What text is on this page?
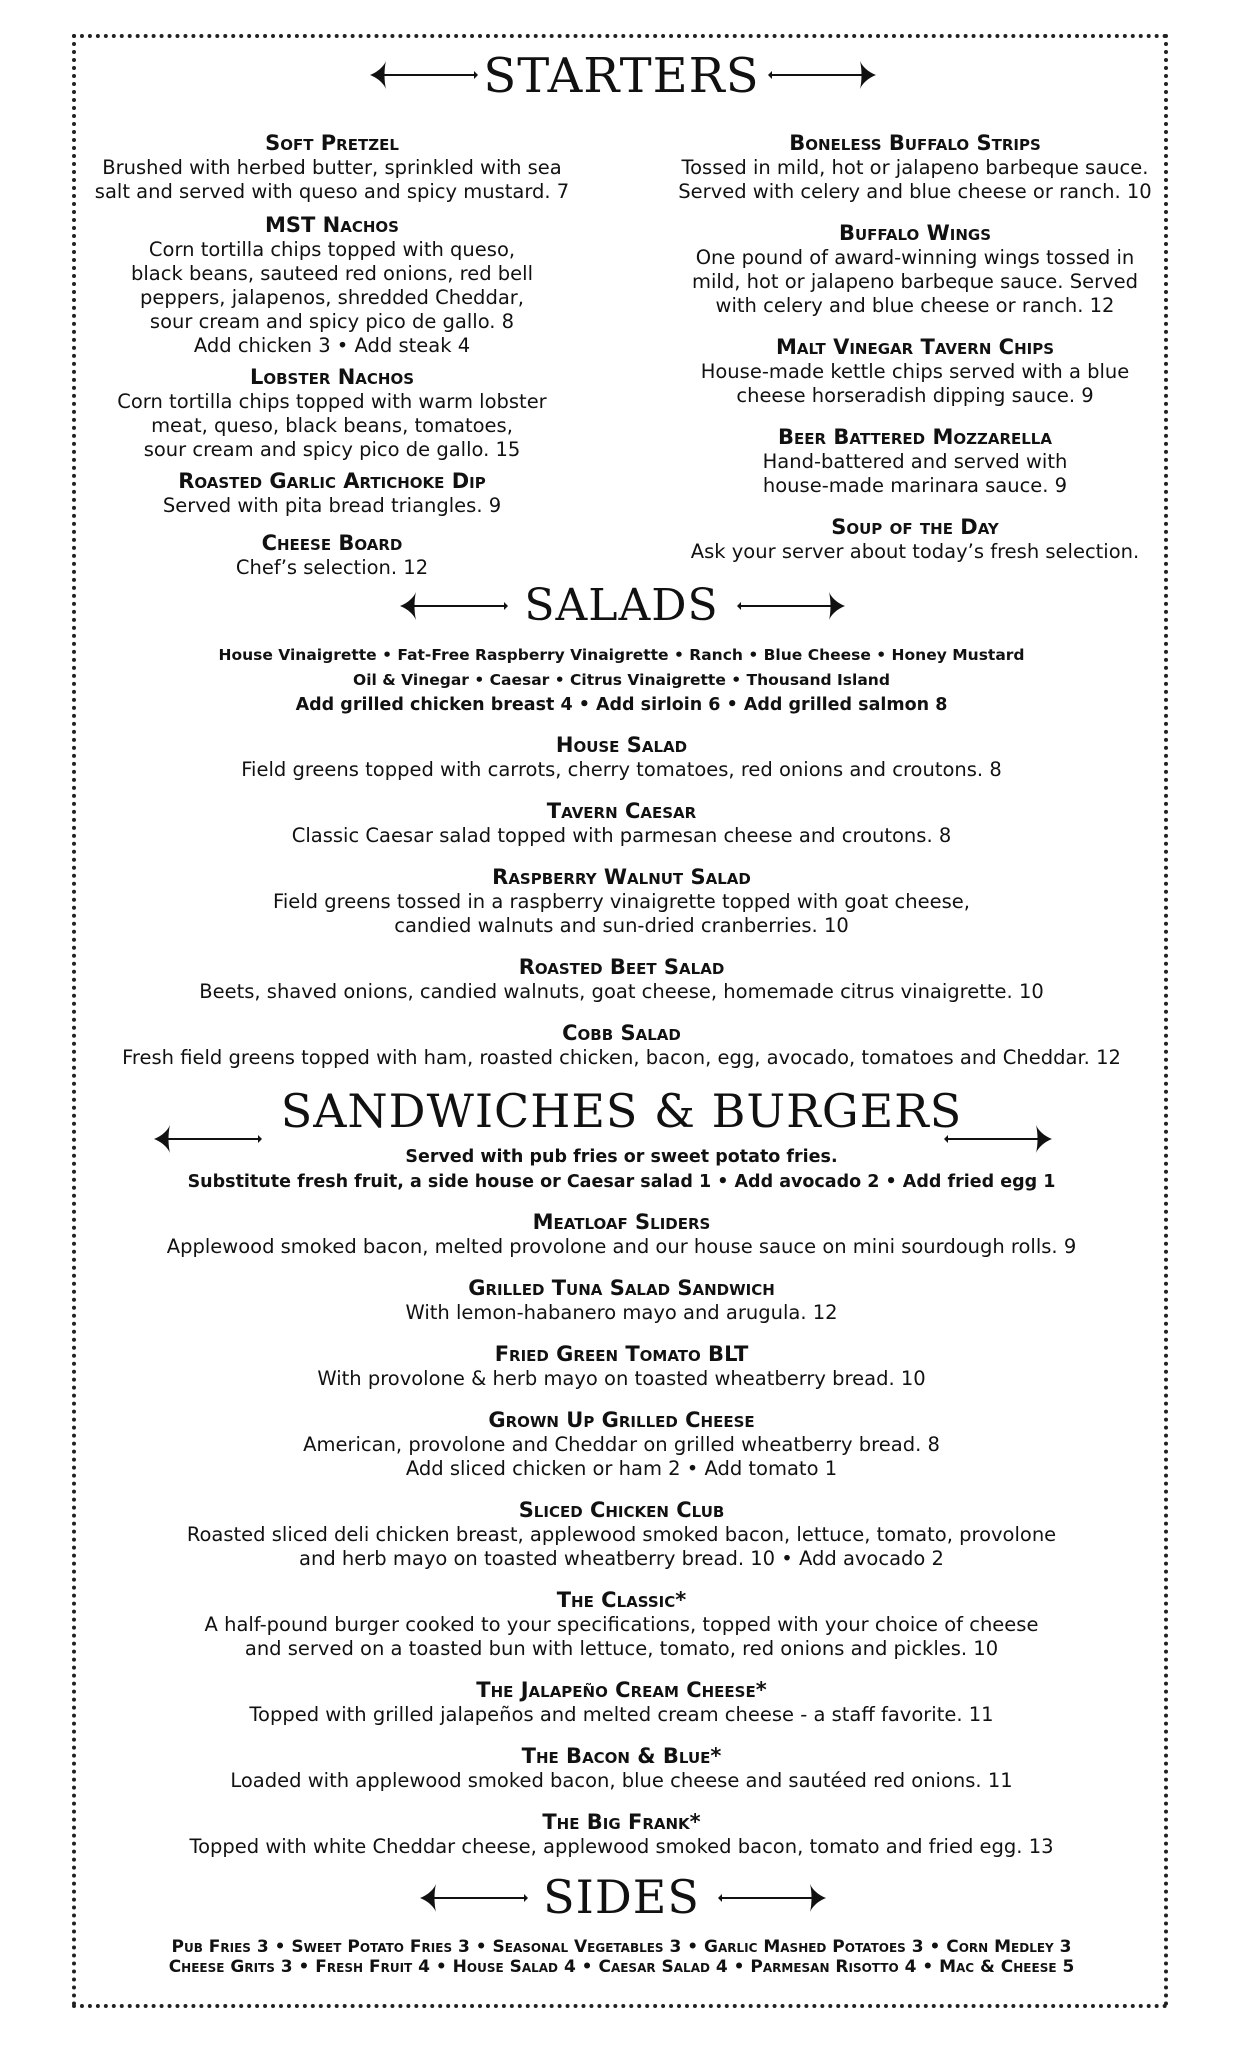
STARTERS
Soft Pretzel
Brushed with herbed butter, sprinkled with sea
salt and served with queso and spicy mustard. 7
MST Nachos
Corn tortilla chips topped with queso,
black beans, sauteed red onions, red bell
peppers, jalapenos, shredded Cheddar,
sour cream and spicy pico de gallo. 8
Add chicken 3 • Add steak 4
Lobster Nachos
Corn tortilla chips topped with warm lobster
meat, queso, black beans, tomatoes,
sour cream and spicy pico de gallo. 15
Roasted Garlic Artichoke Dip
Served with pita bread triangles. 9
Cheese Board
Chef’s selection. 12
Boneless Buffalo Strips
Tossed in mild, hot or jalapeno barbeque sauce.
Served with celery and blue cheese or ranch. 10
Buffalo Wings
One pound of award-winning wings tossed in
mild, hot or jalapeno barbeque sauce. Served
with celery and blue cheese or ranch. 12
Malt Vinegar Tavern Chips
House-made kettle chips served with a blue
cheese horseradish dipping sauce. 9
Beer Battered Mozzarella
Hand-battered and served with
house-made marinara sauce. 9
Soup of the Day
Ask your server about today’s fresh selection.
SALADS
House Vinaigrette • Fat-Free Raspberry Vinaigrette • Ranch • Blue Cheese • Honey Mustard
Oil & Vinegar • Caesar • Citrus Vinaigrette • Thousand Island
Add grilled chicken breast 4 • Add sirloin 6 • Add grilled salmon 8
House Salad
Field greens topped with carrots, cherry tomatoes, red onions and croutons. 8
Tavern Caesar
Classic Caesar salad topped with parmesan cheese and croutons. 8
Raspberry Walnut Salad
Field greens tossed in a raspberry vinaigrette topped with goat cheese,
candied walnuts and sun-dried cranberries. 10
Roasted Beet Salad
Beets, shaved onions, candied walnuts, goat cheese, homemade citrus vinaigrette. 10
Cobb Salad
Fresh field greens topped with ham, roasted chicken, bacon, egg, avocado, tomatoes and Cheddar. 12
SANDWICHES & BURGERS
Served with pub fries or sweet potato fries.
Substitute fresh fruit, a side house or Caesar salad 1 • Add avocado 2 • Add fried egg 1
Meatloaf Sliders
Applewood smoked bacon, melted provolone and our house sauce on mini sourdough rolls. 9
Grilled Tuna Salad Sandwich
With lemon-habanero mayo and arugula. 12
Fried Green Tomato BLT
With provolone & herb mayo on toasted wheatberry bread. 10
Grown Up Grilled Cheese
American, provolone and Cheddar on grilled wheatberry bread. 8
Add sliced chicken or ham 2 • Add tomato 1
Sliced Chicken Club
Roasted sliced deli chicken breast, applewood smoked bacon, lettuce, tomato, provolone
and herb mayo on toasted wheatberry bread. 10 • Add avocado 2
The Classic*
A half-pound burger cooked to your specifications, topped with your choice of cheese
and served on a toasted bun with lettuce, tomato, red onions and pickles. 10
The Jalapeño Cream Cheese*
Topped with grilled jalapeños and melted cream cheese - a staff favorite. 11
The Bacon & Blue*
Loaded with applewood smoked bacon, blue cheese and sautéed red onions. 11
The Big Frank*
Topped with white Cheddar cheese, applewood smoked bacon, tomato and fried egg. 13
SIDES
Pub Fries 3 • Sweet Potato Fries 3 • Seasonal Vegetables 3 • Garlic Mashed Potatoes 3 • Corn Medley 3
Cheese Grits 3 • Fresh Fruit 4 • House Salad 4 • Caesar Salad 4 • Parmesan Risotto 4 • Mac & Cheese 5
